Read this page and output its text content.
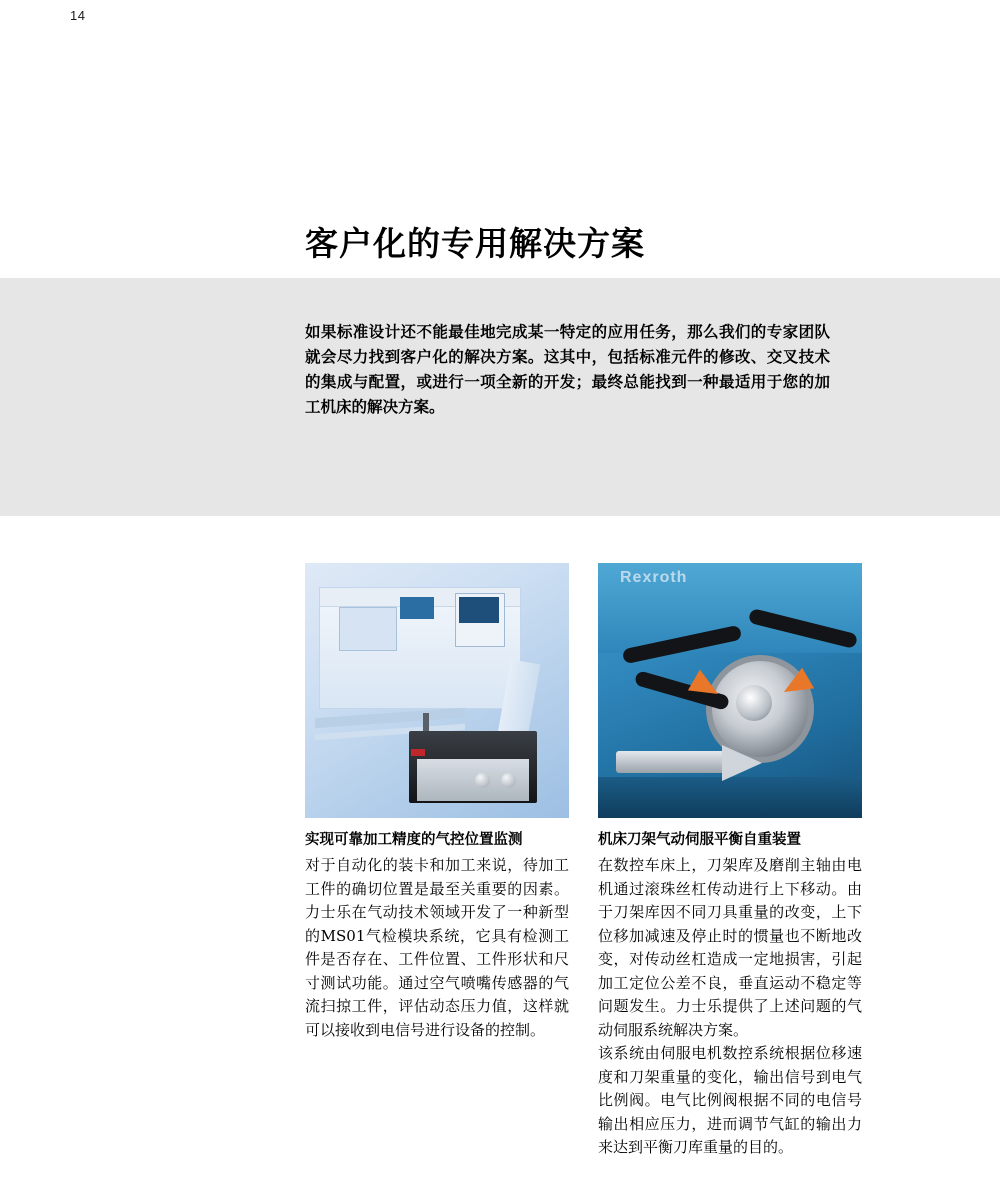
14
客户化的专用解决方案
如果标准设计还不能最佳地完成某一特定的应用任务，那么我们的专家团队就会尽力找到客户化的解决方案。这其中，包括标准元件的修改、交叉技术的集成与配置，或进行一项全新的开发；最终总能找到一种最适用于您的加工机床的解决方案。
实现可靠加工精度的气控位置监测

对于自动化的装卡和加工来说，待加工工件的确切位置是最至关重要的因素。力士乐在气动技术领域开发了一种新型的MS01气检模块系统，它具有检测工件是否存在、工件位置、工件形状和尺寸测试功能。通过空气喷嘴传感器的气流扫掠工件，评估动态压力值，这样就可以接收到电信号进行设备的控制。

Rexroth
机床刀架气动伺服平衡自重装置

在数控车床上，刀架库及磨削主轴由电机通过滚珠丝杠传动进行上下移动。由于刀架库因不同刀具重量的改变，上下位移加减速及停止时的惯量也不断地改变，对传动丝杠造成一定地损害，引起加工定位公差不良，垂直运动不稳定等问题发生。力士乐提供了上述问题的气动伺服系统解决方案。

该系统由伺服电机数控系统根据位移速度和刀架重量的变化，输出信号到电气比例阀。电气比例阀根据不同的电信号输出相应压力，进而调节气缸的输出力来达到平衡刀库重量的目的。
